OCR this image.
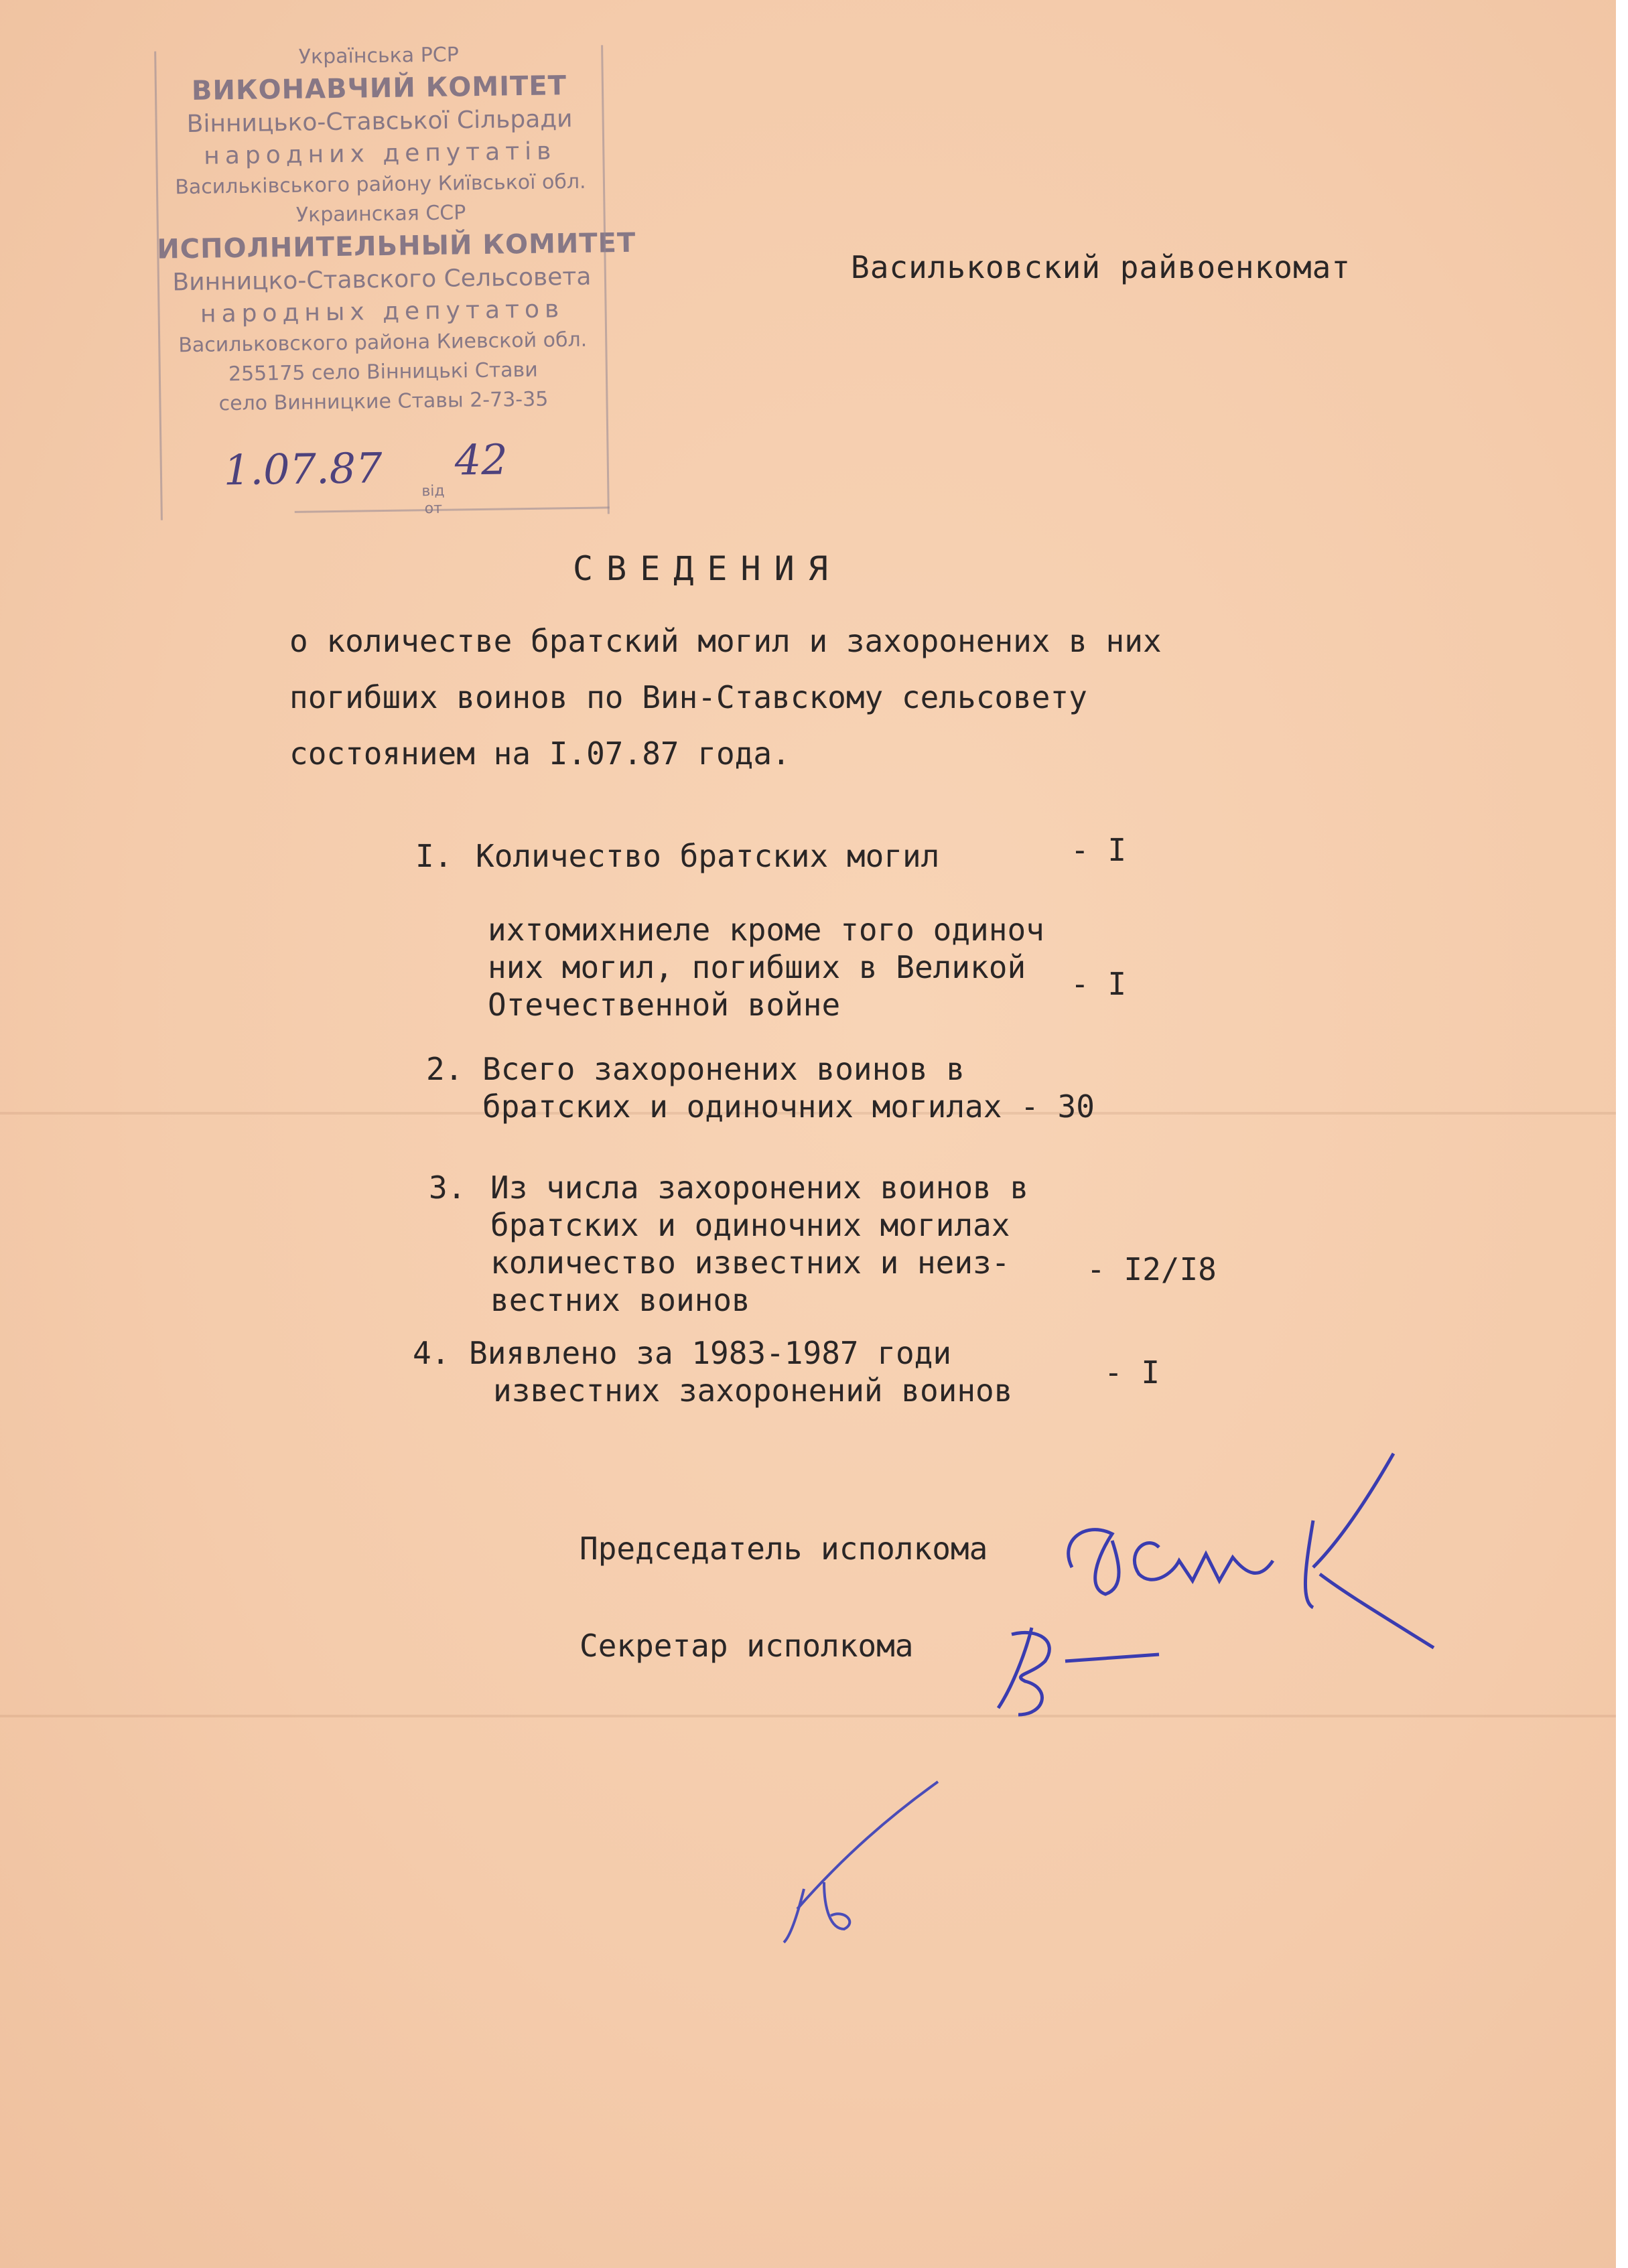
Українська РСР
ВИКОНАВЧИЙ КОМІТЕТ
Вінницько-Ставської Сільради
народних депутатів
Васильківського району Київської обл.
Украинская ССР
ИСПОЛНИТЕЛЬНЫЙ КОМИТЕТ
Винницко-Ставского Сельсовета
народных депутатов
Васильковского района Киевской обл.
255175 село Вінницькі Стави
село Винницкие Ставы 2-73-35
1.07.87 42
від
от
Васильковский райвоенкомат
СВЕДЕНИЯ
о количестве братский могил и захоронених в них
погибших воинов по Вин-Ставскому сельсовету
состоянием на I.07.87 года.
I. Количество братских могил	- I
ихтомихниеле кроме того одиноч
них могил, погибших в Великой
Отечественной войне
- I
2. Всего захоронених воинов в
братских и одиночних могилах - 30
3. Из числа захоронених воинов в
братских и одиночних могилах
количество известних и неиз-
вестних воинов
- I2/I8
4. Виявлено за 1983-1987 годи
известних захоронений воинов	- I
Председатель исполкома
Секретар исполкома
